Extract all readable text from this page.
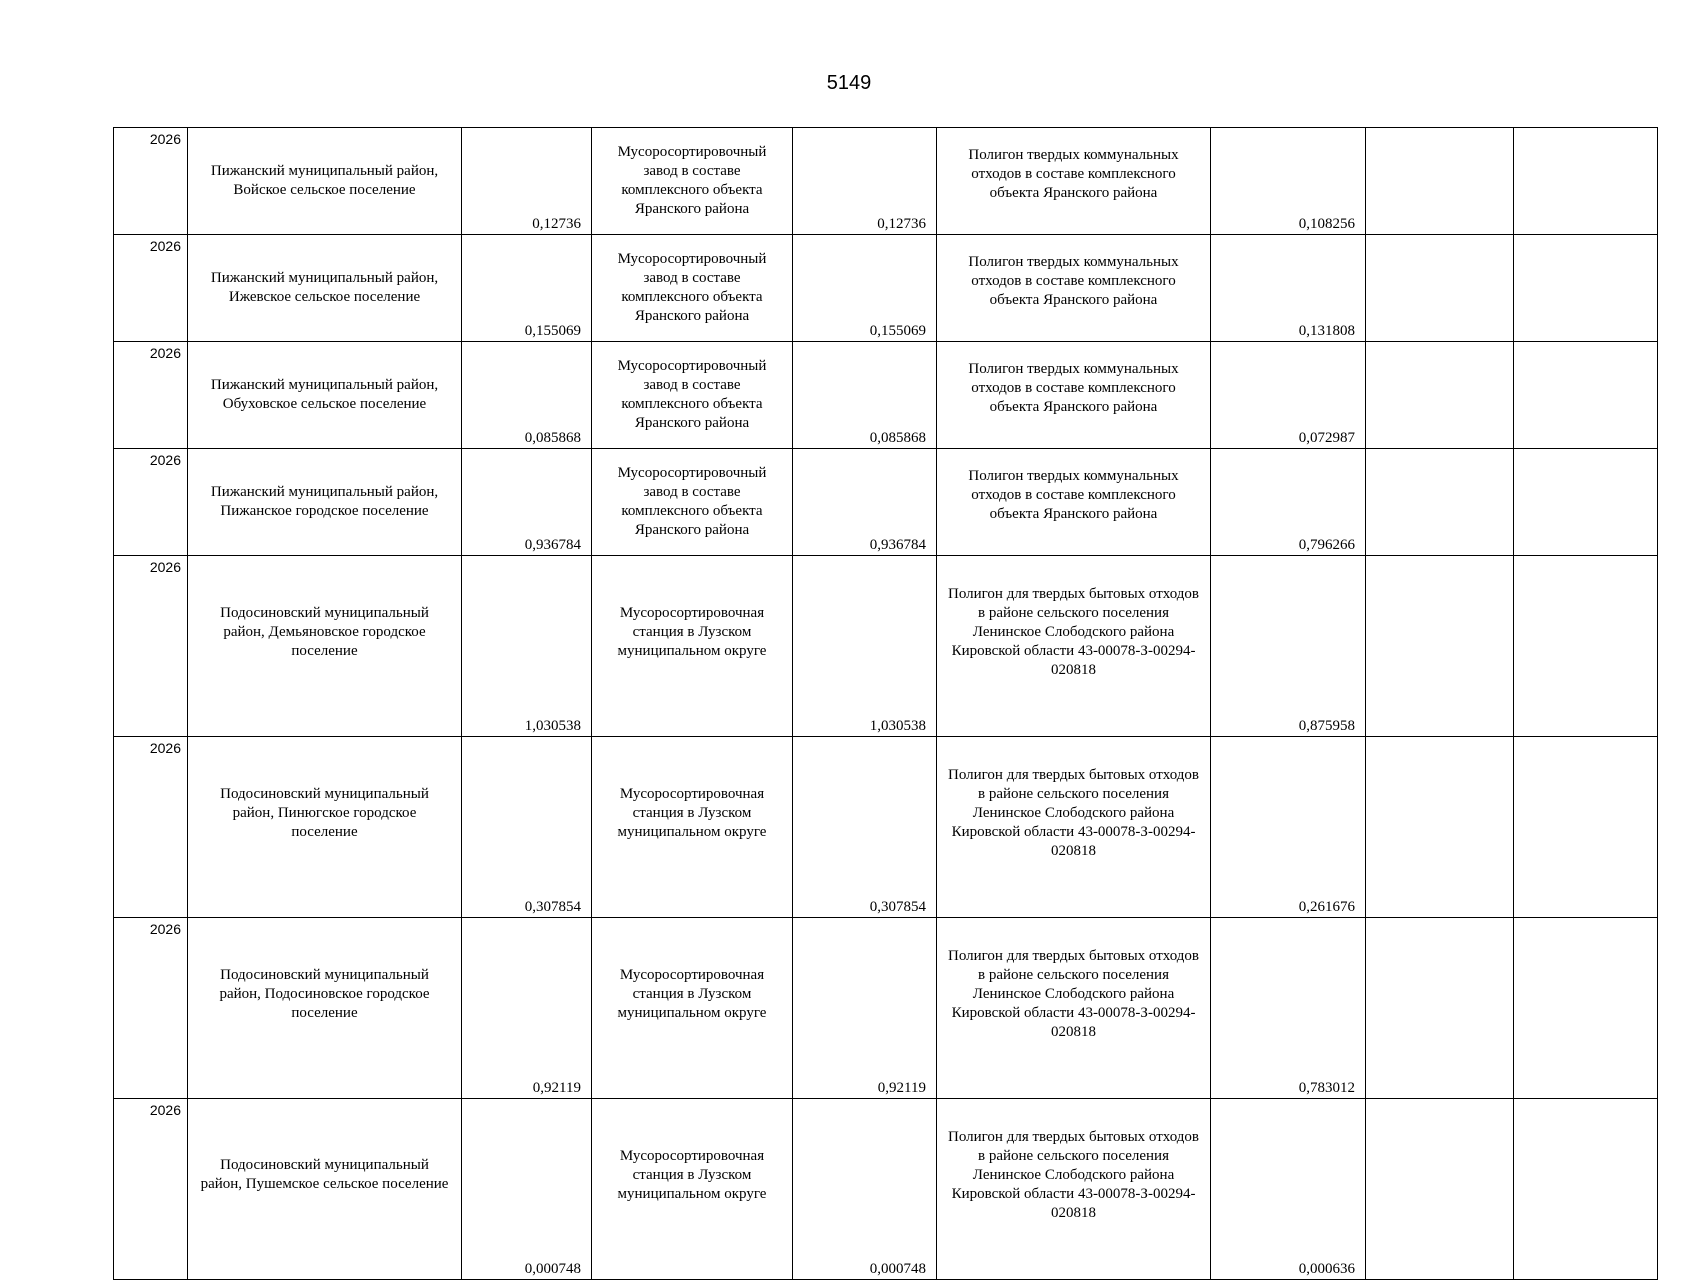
5149
2026	Пижанский муниципальный район, Войское сельское поселение	0,12736	Мусоросортировочный завод в составе комплексного объекта Яранского района	0,12736	Полигон твердых коммунальных отходов в составе комплексного объекта Яранского района	0,108256		
2026	Пижанский муниципальный район, Ижевское сельское поселение	0,155069	Мусоросортировочный завод в составе комплексного объекта Яранского района	0,155069	Полигон твердых коммунальных отходов в составе комплексного объекта Яранского района	0,131808		
2026	Пижанский муниципальный район, Обуховское сельское поселение	0,085868	Мусоросортировочный завод в составе комплексного объекта Яранского района	0,085868	Полигон твердых коммунальных отходов в составе комплексного объекта Яранского района	0,072987		
2026	Пижанский муниципальный район, Пижанское городское поселение	0,936784	Мусоросортировочный завод в составе комплексного объекта Яранского района	0,936784	Полигон твердых коммунальных отходов в составе комплексного объекта Яранского района	0,796266		
2026	Подосиновский муниципальный район, Демьяновское городское поселение	1,030538	Мусоросортировочная станция в Лузском муниципальном округе	1,030538	Полигон для твердых бытовых отходов в районе сельского поселения Ленинское Слободского района Кировской области 43-00078-З-00294-020818	0,875958		
2026	Подосиновский муниципальный район, Пинюгское городское поселение	0,307854	Мусоросортировочная станция в Лузском муниципальном округе	0,307854	Полигон для твердых бытовых отходов в районе сельского поселения Ленинское Слободского района Кировской области 43-00078-З-00294-020818	0,261676		
2026	Подосиновский муниципальный район, Подосиновское городское поселение	0,92119	Мусоросортировочная станция в Лузском муниципальном округе	0,92119	Полигон для твердых бытовых отходов в районе сельского поселения Ленинское Слободского района Кировской области 43-00078-З-00294-020818	0,783012		
2026	Подосиновский муниципальный район, Пушемское сельское поселение	0,000748	Мусоросортировочная станция в Лузском муниципальном округе	0,000748	Полигон для твердых бытовых отходов в районе сельского поселения Ленинское Слободского района Кировской области 43-00078-З-00294-020818	0,000636		
